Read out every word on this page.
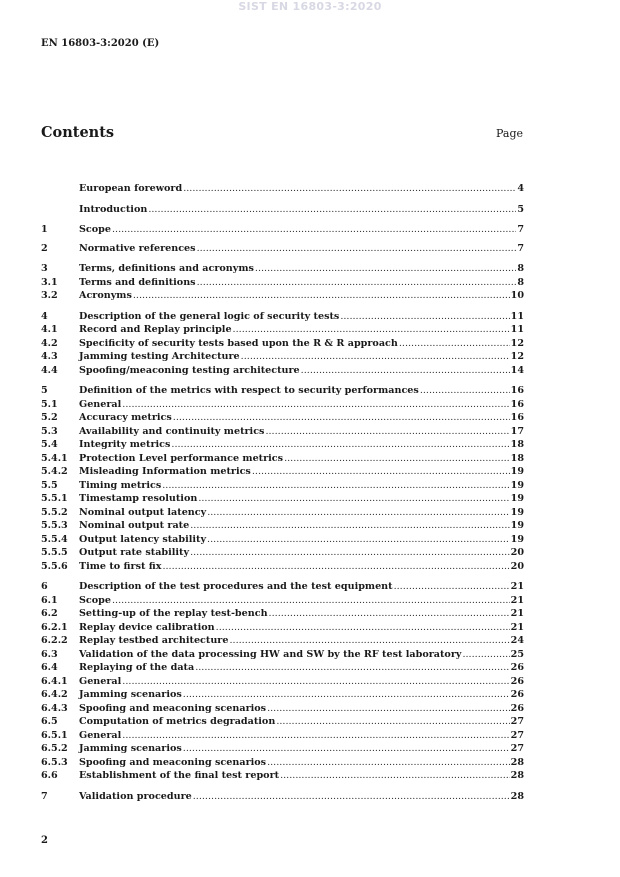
SIST EN 16803-3:2020
EN 16803-3:2020 (E)
Contents	Page
European foreword .....	4
Introduction .....	5
1	Scope .....	7
2	Normative references .....	7
3	Terms, definitions and acronyms .....	8
3.1	Terms and definitions .....	8
3.2	Acronyms .....	10
4	Description of the general logic of security tests .....	11
4.1	Record and Replay principle .....	11
4.2	Specificity of security tests based upon the R & R approach .....	12
4.3	Jamming testing Architecture .....	12
4.4	Spoofing/meaconing testing architecture .....	14
5	Definition of the metrics with respect to security performances .....	16
5.1	General .....	16
5.2	Accuracy metrics .....	16
5.3	Availability and continuity metrics .....	17
5.4	Integrity metrics .....	18
5.4.1	Protection Level performance metrics .....	18
5.4.2	Misleading Information metrics .....	19
5.5	Timing metrics .....	19
5.5.1	Timestamp resolution .....	19
5.5.2	Nominal output latency .....	19
5.5.3	Nominal output rate .....	19
5.5.4	Output latency stability .....	19
5.5.5	Output rate stability .....	20
5.5.6	Time to first fix .....	20
6	Description of the test procedures and the test equipment .....	21
6.1	Scope .....	21
6.2	Setting-up of the replay test-bench .....	21
6.2.1	Replay device calibration .....	21
6.2.2	Replay testbed architecture .....	24
6.3	Validation of the data processing HW and SW by the RF test laboratory .....	25
6.4	Replaying of the data .....	26
6.4.1	General .....	26
6.4.2	Jamming scenarios .....	26
6.4.3	Spoofing and meaconing scenarios .....	26
6.5	Computation of metrics degradation .....	27
6.5.1	General .....	27
6.5.2	Jamming scenarios .....	27
6.5.3	Spoofing and meaconing scenarios .....	28
6.6	Establishment of the final test report .....	28
7	Validation procedure .....	28
2
